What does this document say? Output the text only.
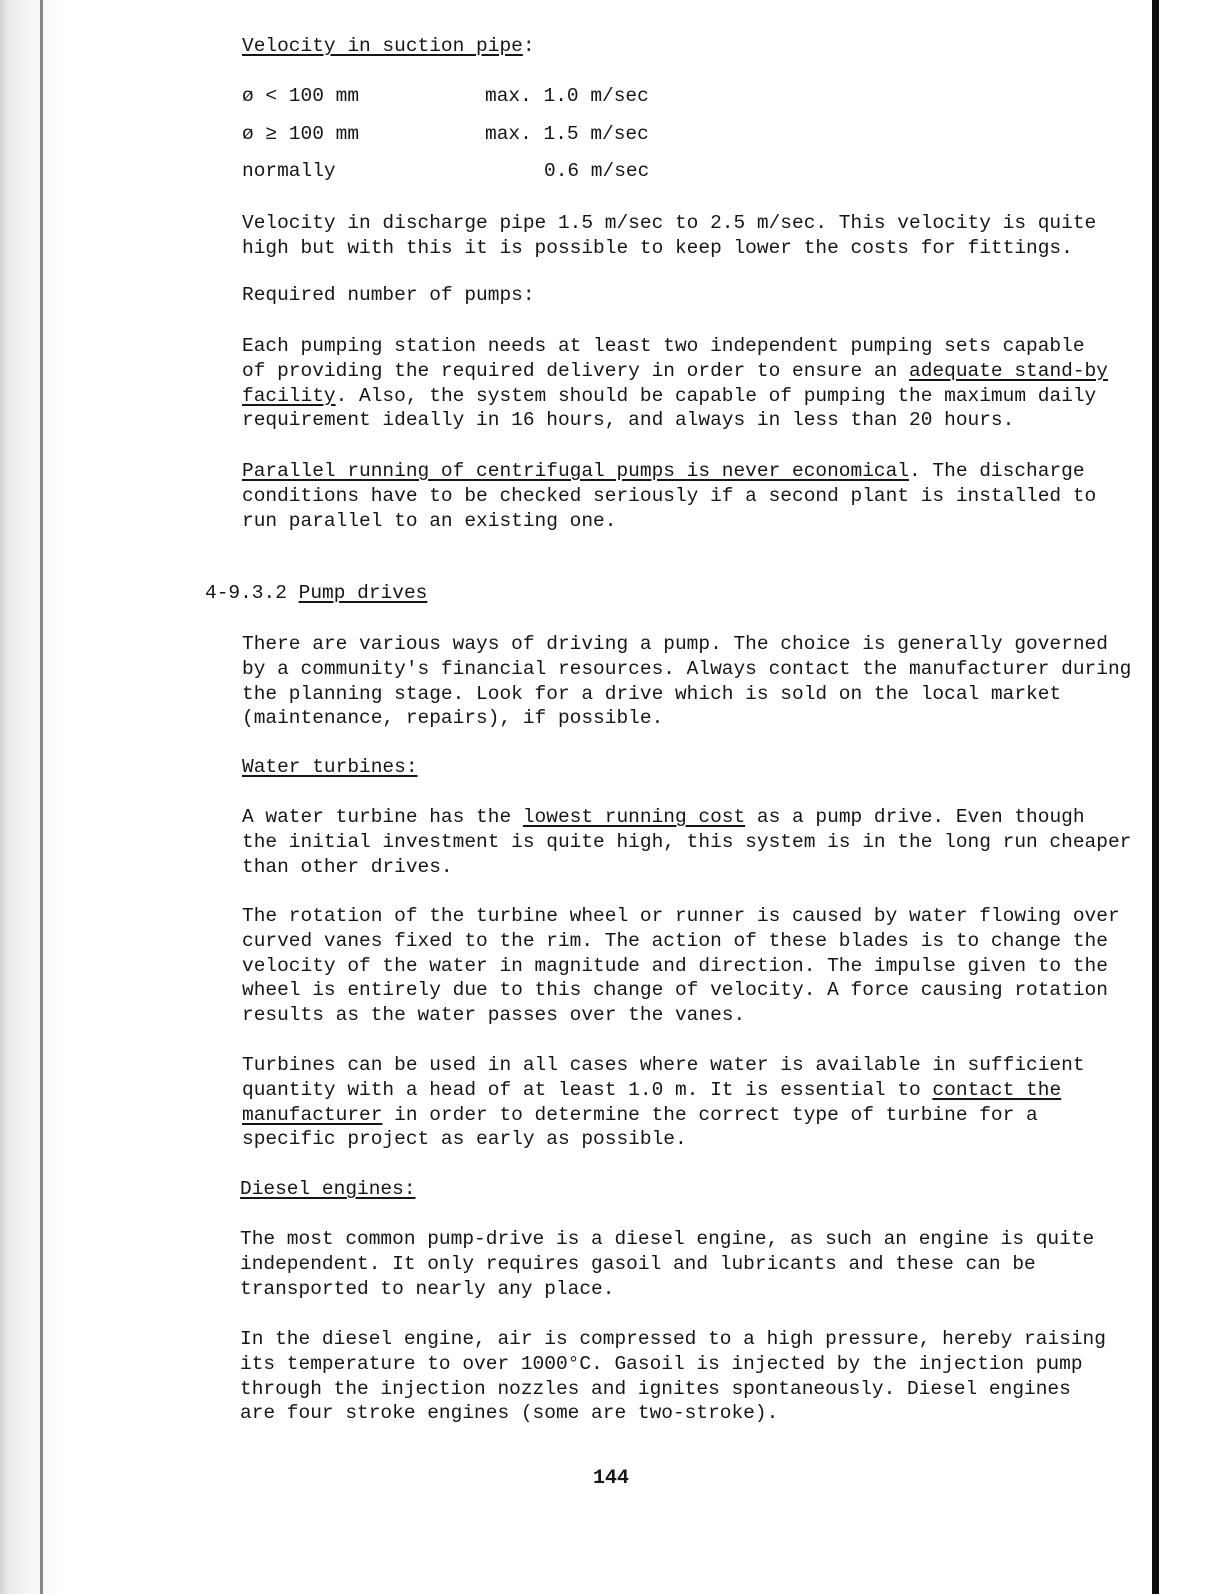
Velocity in suction pipe:
ø < 100 mm	max. 1.0 m/sec
ø ≥ 100 mm	max. 1.5 m/sec
normally	0.6 m/sec
Velocity in discharge pipe 1.5 m/sec to 2.5 m/sec. This velocity is quite
high but with this it is possible to keep lower the costs for fittings.
Required number of pumps:
Each pumping station needs at least two independent pumping sets capable
of providing the required delivery in order to ensure an adequate stand-by
facility. Also, the system should be capable of pumping the maximum daily
requirement ideally in 16 hours, and always in less than 20 hours.
Parallel running of centrifugal pumps is never economical. The discharge
conditions have to be checked seriously if a second plant is installed to
run parallel to an existing one.
4-9.3.2 Pump drives
There are various ways of driving a pump. The choice is generally governed
by a community's financial resources. Always contact the manufacturer during
the planning stage. Look for a drive which is sold on the local market
(maintenance, repairs), if possible.
Water turbines:
A water turbine has the lowest running cost as a pump drive. Even though
the initial investment is quite high, this system is in the long run cheaper
than other drives.
The rotation of the turbine wheel or runner is caused by water flowing over
curved vanes fixed to the rim. The action of these blades is to change the
velocity of the water in magnitude and direction. The impulse given to the
wheel is entirely due to this change of velocity. A force causing rotation
results as the water passes over the vanes.
Turbines can be used in all cases where water is available in sufficient
quantity with a head of at least 1.0 m. It is essential to contact the
manufacturer in order to determine the correct type of turbine for a
specific project as early as possible.
Diesel engines:
The most common pump-drive is a diesel engine, as such an engine is quite
independent. It only requires gasoil and lubricants and these can be
transported to nearly any place.
In the diesel engine, air is compressed to a high pressure, hereby raising
its temperature to over 1000°C. Gasoil is injected by the injection pump
through the injection nozzles and ignites spontaneously. Diesel engines
are four stroke engines (some are two-stroke).
144
